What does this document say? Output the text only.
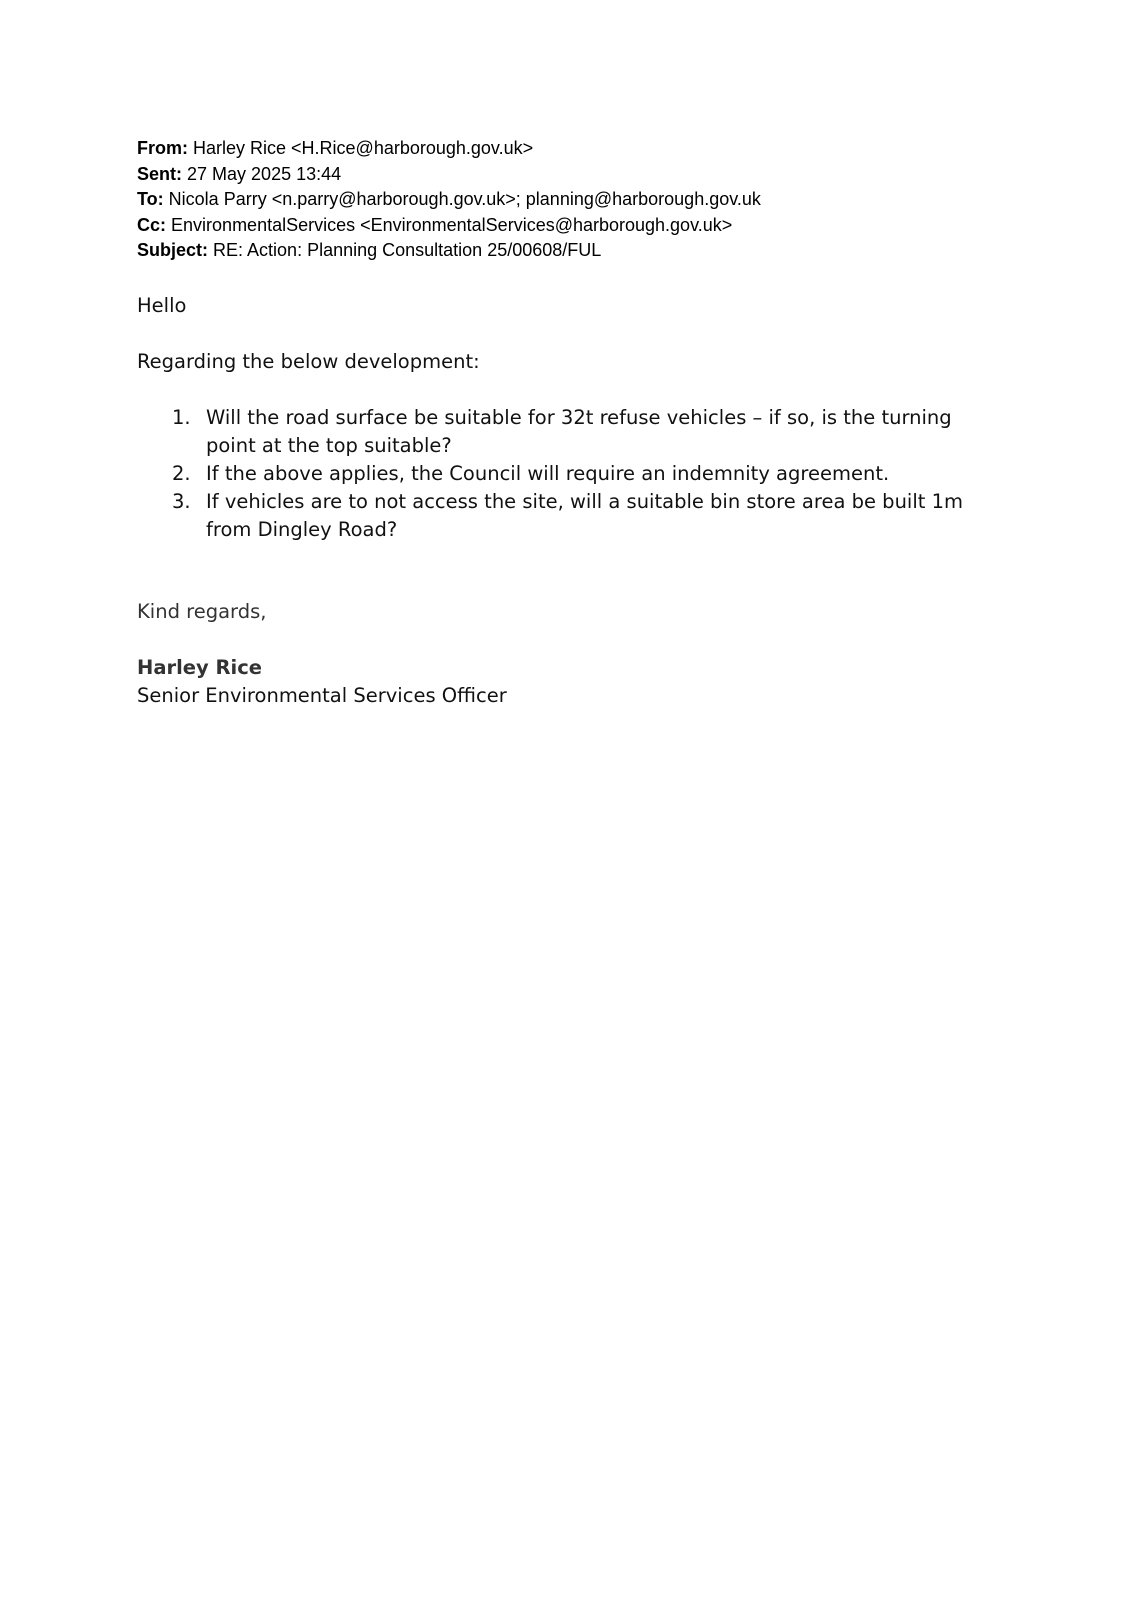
From: Harley Rice <H.Rice@harborough.gov.uk>
Sent: 27 May 2025 13:44
To: Nicola Parry <n.parry@harborough.gov.uk>; planning@harborough.gov.uk
Cc: EnvironmentalServices <EnvironmentalServices@harborough.gov.uk>
Subject: RE: Action: Planning Consultation 25/00608/FUL
Hello
Regarding the below development:
1. Will the road surface be suitable for 32t refuse vehicles – if so, is the turning point at the top suitable?
2. If the above applies, the Council will require an indemnity agreement.
3. If vehicles are to not access the site, will a suitable bin store area be built 1m from Dingley Road?
Kind regards,
Harley Rice
Senior Environmental Services Officer
